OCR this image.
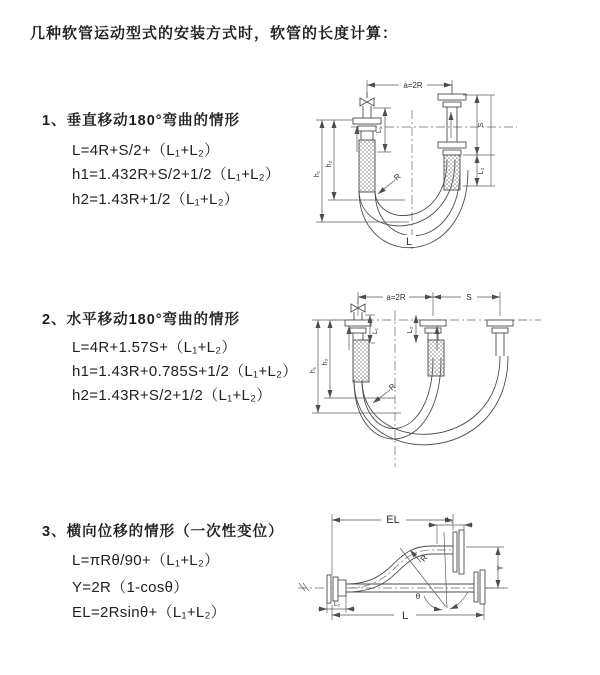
几种软管运动型式的安装方式时，软管的长度计算：
1、垂直移动180°弯曲的情形
L=4R+S/2+（L₁+L₂）
h1=1.432R+S/2+1/2（L₁+L₂）
h2=1.43R+1/2（L₁+L₂）
2、水平移动180°弯曲的情形
L=4R+1.57S+（L₁+L₂）
h1=1.43R+0.785S+1/2（L₁+L₂）
h2=1.43R+S/2+1/2（L₁+L₂）
3、横向位移的情形（一次性变位）
L=πRθ/90+（L₁+L₂）
Y=2R（1-cosθ）
EL=2Rsinθ+（L₁+L₂）
a=2R
L₁
S
L₂
h₁
h₂
R
L
a=2R	S
L₁	L₂
h₁
h₂
R
EL	L₂
Y
R
θ
L₁
L
